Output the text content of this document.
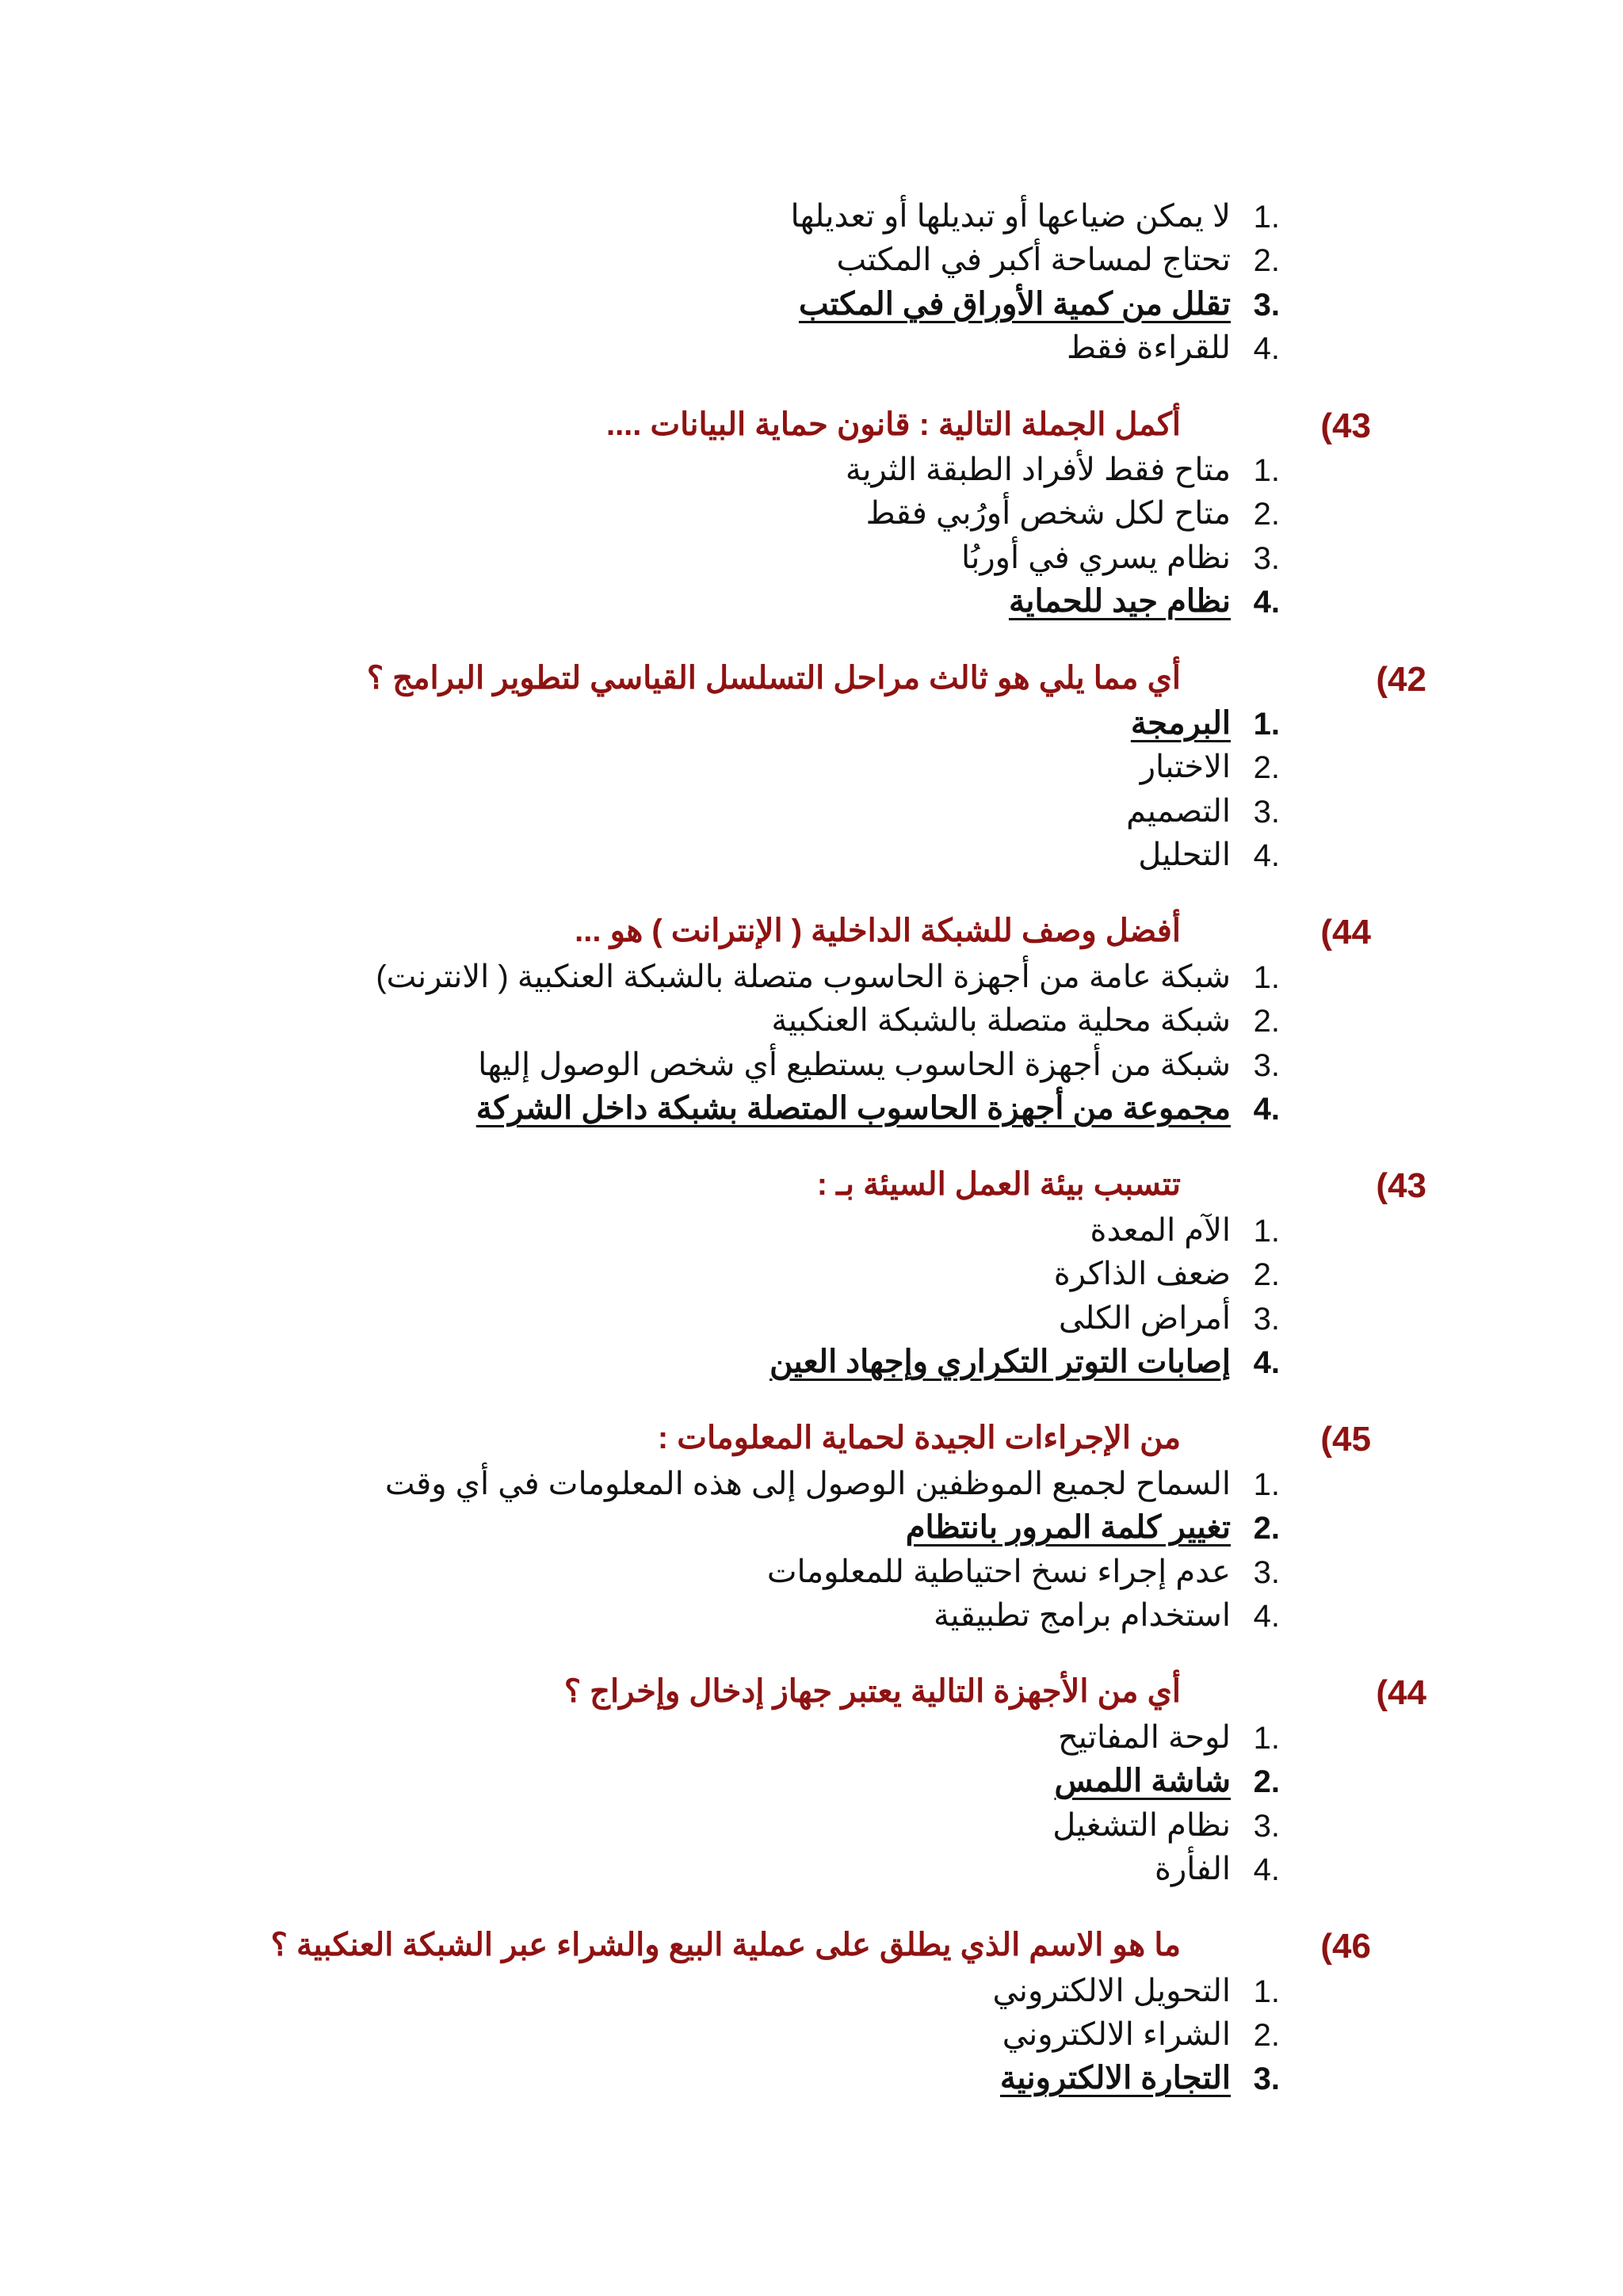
1.
لا يمكن ضياعها أو تبديلها أو تعديلها
2.
تحتاج لمساحة أكبر في المكتب
3.
تقلل من كمية الأوراق في المكتب
4.
للقراءة فقط
(43
أكمل الجملة التالية : قانون حماية البيانات ....
1.
متاح فقط لأفراد الطبقة الثرية
2.
متاح لكل شخص أورُبي فقط
3.
نظام يسري في أوربُا
4.
نظام جيد للحماية
(42
أي مما يلي هو ثالث مراحل التسلسل القياسي لتطوير البرامج ؟
1.
البرمجة
2.
الاختبار
3.
التصميم
4.
التحليل
(44
أفضل وصف للشبكة الداخلية ( الإنترانت ) هو ...
1.
شبكة عامة من أجهزة الحاسوب متصلة بالشبكة العنكبية ( الانترنت)
2.
شبكة محلية متصلة بالشبكة العنكبية
3.
شبكة من أجهزة الحاسوب يستطيع أي شخص الوصول إليها
4.
مجموعة من أجهزة الحاسوب المتصلة بشبكة داخل الشركة
(43
تتسبب بيئة العمل السيئة بـ :
1.
الآم المعدة
2.
ضعف الذاكرة
3.
أمراض الكلى
4.
إصابات التوتر التكراري وإجهاد العين
(45
من الإجراءات الجيدة لحماية المعلومات :
1.
السماح لجميع الموظفين الوصول إلى هذه المعلومات في أي وقت
2.
تغيير كلمة المرور بانتظام
3.
عدم إجراء نسخ احتياطية للمعلومات
4.
استخدام برامج تطبيقية
(44
أي من الأجهزة التالية يعتبر جهاز إدخال وإخراج ؟
1.
لوحة المفاتيح
2.
شاشة اللمس
3.
نظام التشغيل
4.
الفأرة
(46
ما هو الاسم الذي يطلق على عملية البيع والشراء عبر الشبكة العنكبية ؟
1.
التحويل الالكتروني
2.
الشراء الالكتروني
3.
التجارة الالكترونية
